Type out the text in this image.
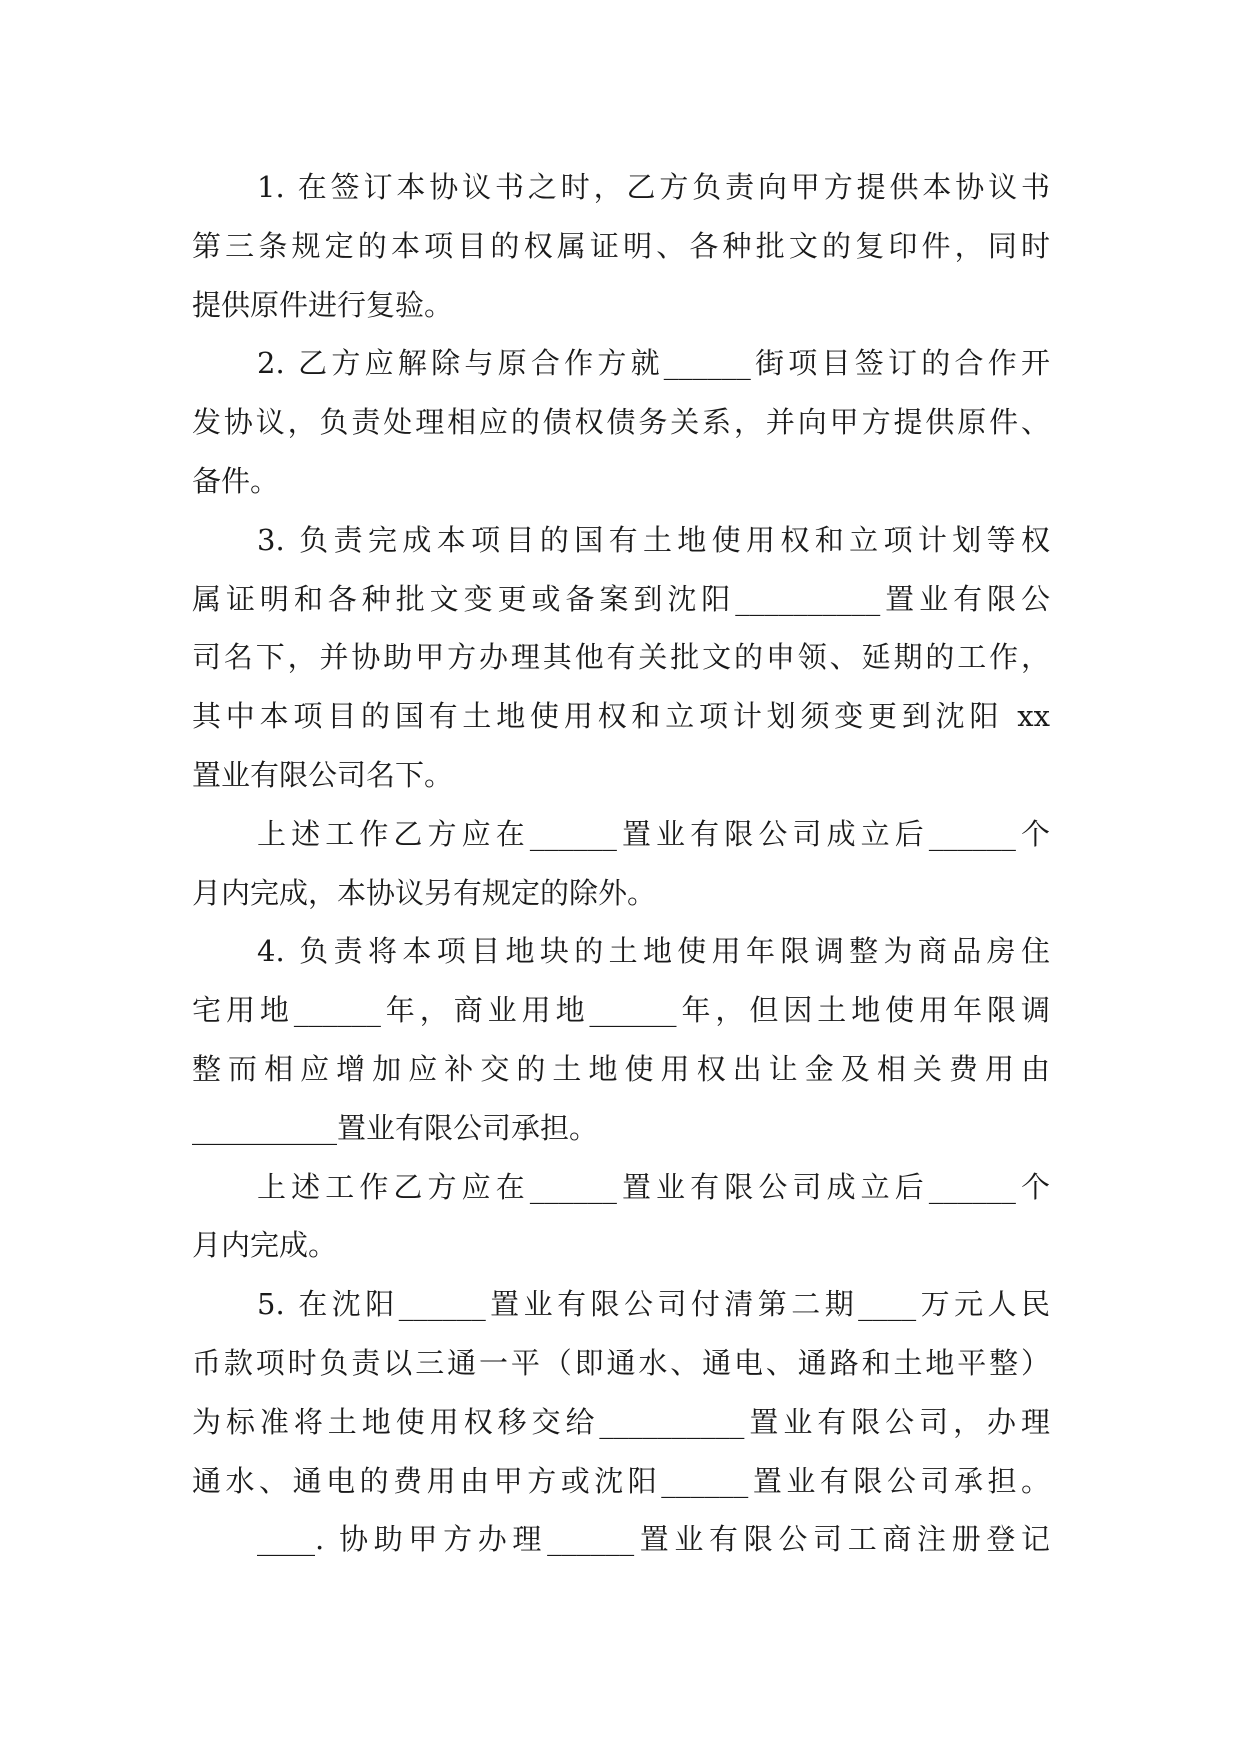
1. 在签订本协议书之时，乙方负责向甲方提供本协议书
第三条规定的本项目的权属证明、各种批文的复印件，同时
提供原件进行复验。
2. 乙方应解除与原合作方就______街项目签订的合作开
发协议，负责处理相应的债权债务关系，并向甲方提供原件、
备件。
3. 负责完成本项目的国有土地使用权和立项计划等权
属证明和各种批文变更或备案到沈阳__________置业有限公
司名下，并协助甲方办理其他有关批文的申领、延期的工作，
其中本项目的国有土地使用权和立项计划须变更到沈阳 xx
置业有限公司名下。
上述工作乙方应在______置业有限公司成立后______个
月内完成，本协议另有规定的除外。
4. 负责将本项目地块的土地使用年限调整为商品房住
宅用地______年，商业用地______年，但因土地使用年限调
整而相应增加应补交的土地使用权出让金及相关费用由
__________置业有限公司承担。
上述工作乙方应在______置业有限公司成立后______个
月内完成。
5. 在沈阳______置业有限公司付清第二期____万元人民
币款项时负责以三通一平（即通水、通电、通路和土地平整）
为标准将土地使用权移交给__________置业有限公司，办理
通水、通电的费用由甲方或沈阳______置业有限公司承担。
____. 协助甲方办理______置业有限公司工商注册登记
